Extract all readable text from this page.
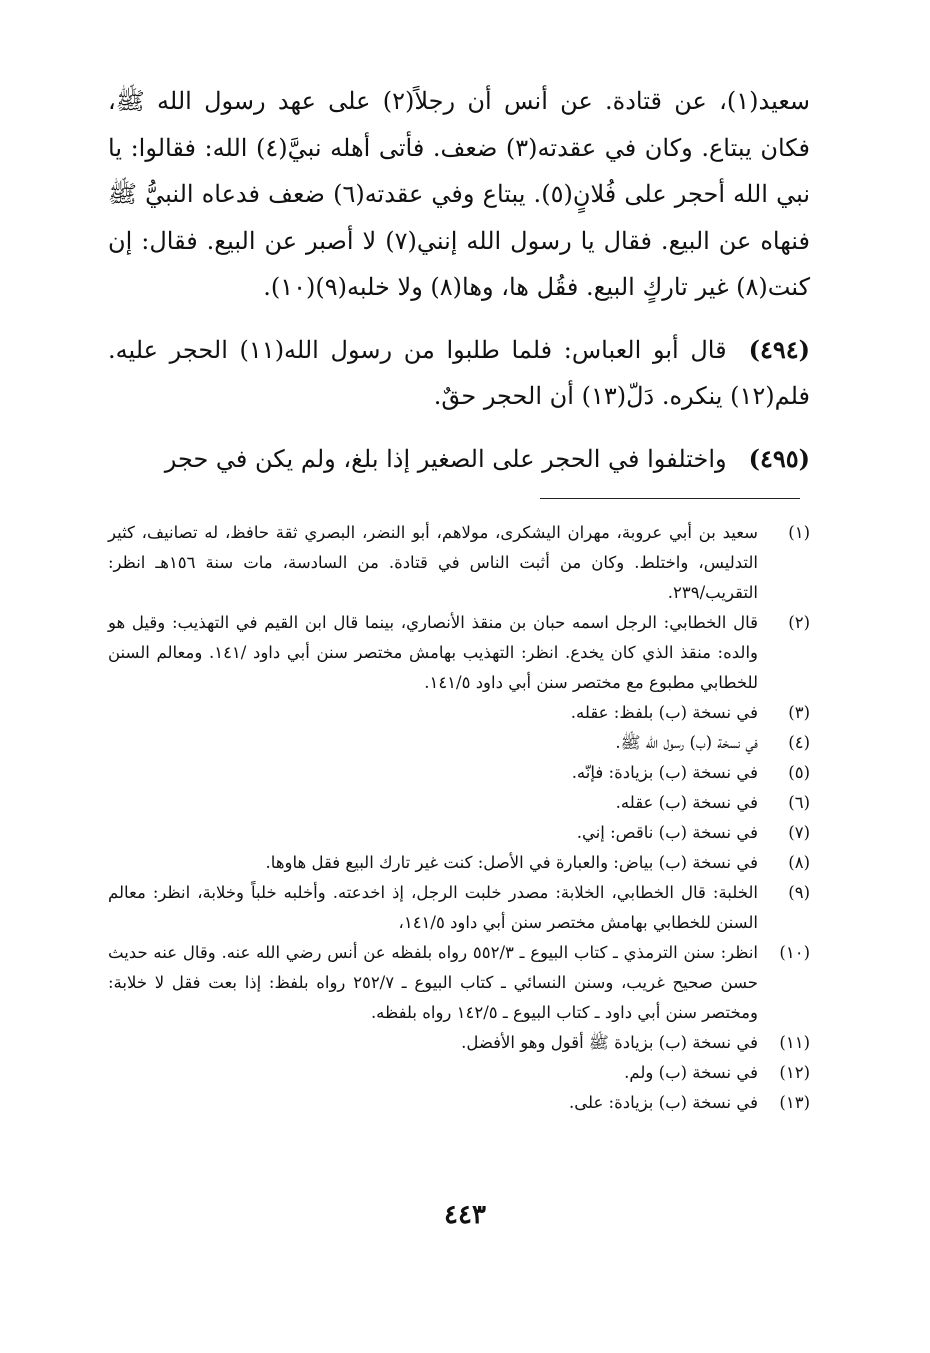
سعيد(١)، عن قتادة. عن أنس أن رجلاً(٢) على عهد رسول الله ﷺ، فكان يبتاع. وكان في عقدته(٣) ضعف. فأتى أهله نبيَّ(٤) الله: فقالوا: يا نبي الله أحجر على فُلانٍ(٥). يبتاع وفي عقدته(٦) ضعف فدعاه النبيُّ ﷺ فنهاه عن البيع. فقال يا رسول الله إنني(٧) لا أصبر عن البيع. فقال: إن كنت(٨) غير تاركٍ البيع. فقُل ها، وها(٨) ولا خلبه(٩)(١٠).

(٤٩٤)قال أبو العباس: فلما طلبوا من رسول الله(١١) الحجر عليه. فلم(١٢) ينكره. دَلّ(١٣) أن الحجر حقٌ.

(٤٩٥)واختلفوا في الحجر على الصغير إذا بلغ، ولم يكن في حجر

(١)
سعيد بن أبي عروبة، مهران اليشكرى، مولاهم، أبو النضر، البصري ثقة حافظ، له تصانيف، كثير التدليس، واختلط. وكان من أثبت الناس في قتادة. من السادسة، مات سنة ١٥٦هـ انظر: التقريب/٢٣٩.
(٢)
قال الخطابي: الرجل اسمه حبان بن منقذ الأنصاري، بينما قال ابن القيم في التهذيب: وقيل هو والده: منقذ الذي كان يخدع. انظر: التهذيب بهامش مختصر سنن أبي داود /١٤١. ومعالم السنن للخطابي مطبوع مع مختصر سنن أبي داود ١٤١/٥.
(٣)
في نسخة (ب) بلفظ: عقله.
(٤)
في نسخة (ب) رسول الله ﷺ.
(٥)
في نسخة (ب) بزيادة: فإنّه.
(٦)
في نسخة (ب) عقله.
(٧)
في نسخة (ب) ناقص: إني.
(٨)
في نسخة (ب) بياض: والعبارة في الأصل: كنت غير تارك البيع فقل هاوها.
(٩)
الخلبة: قال الخطابي، الخلابة: مصدر خلبت الرجل، إذ اخدعته. وأخلبه خلباً وخلابة، انظر: معالم السنن للخطابي بهامش مختصر سنن أبي داود ١٤١/٥،
(١٠)
انظر: سنن الترمذي ـ كتاب البيوع ـ ٥٥٢/٣ رواه بلفظه عن أنس رضي الله عنه. وقال عنه حديث حسن صحيح غريب، وسنن النسائي ـ كتاب البيوع ـ ٢٥٢/٧ رواه بلفظ: إذا بعت فقل لا خلابة: ومختصر سنن أبي داود ـ كتاب البيوع ـ ١٤٢/٥ رواه بلفظه.
(١١)
في نسخة (ب) بزيادة ﷺ أقول وهو الأفضل.
(١٢)
في نسخة (ب) ولم.
(١٣)
في نسخة (ب) بزيادة: على.
٤٤٣
